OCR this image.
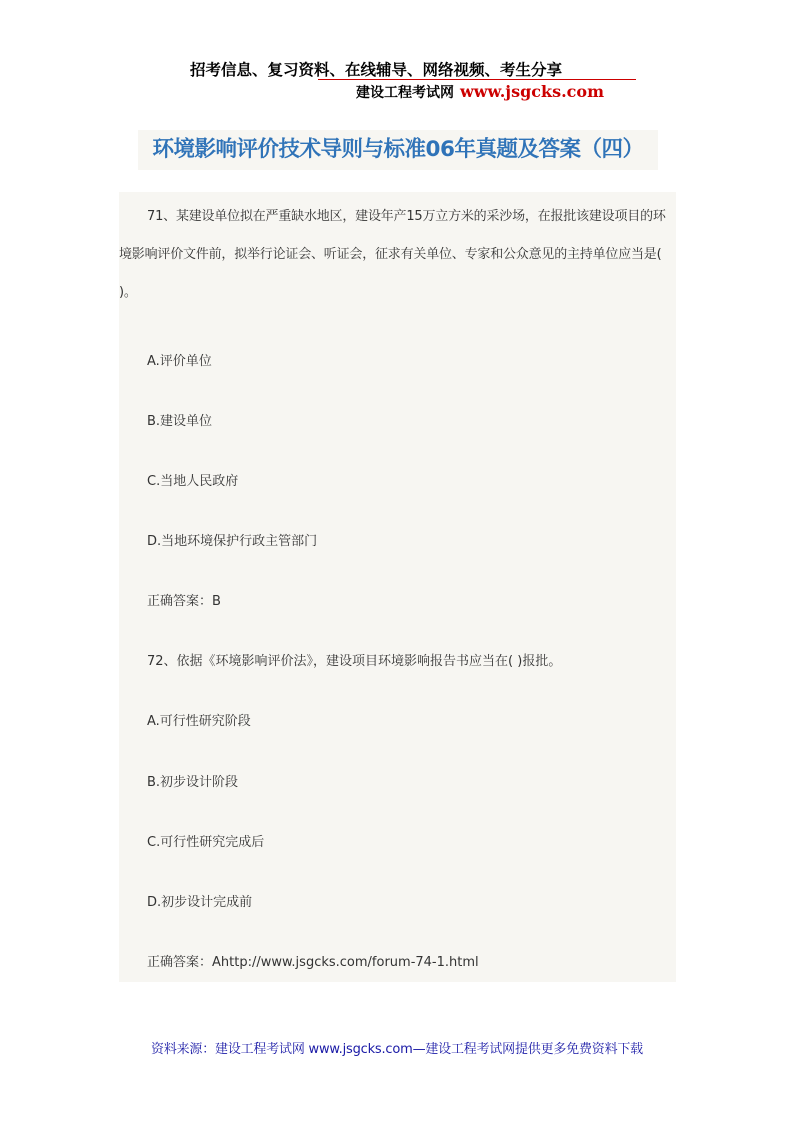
招考信息、复习资料、在线辅导、网络视频、考生分享
建设工程考试网 www.jsgcks.com
环境影响评价技术导则与标准06年真题及答案（四）
71、某建设单位拟在严重缺水地区，建设年产15万立方米的采沙场，在报批该建设项目的环境影响评价文件前，拟举行论证会、听证会，征求有关单位、专家和公众意见的主持单位应当是( )。
A.评价单位
B.建设单位
C.当地人民政府
D.当地环境保护行政主管部门
正确答案：B
72、依据《环境影响评价法》，建设项目环境影响报告书应当在( )报批。
A.可行性研究阶段
B.初步设计阶段
C.可行性研究完成后
D.初步设计完成前
正确答案：Ahttp://www.jsgcks.com/forum-74-1.html
资料来源：建设工程考试网 www.jsgcks.com—建设工程考试网提供更多免费资料下载
